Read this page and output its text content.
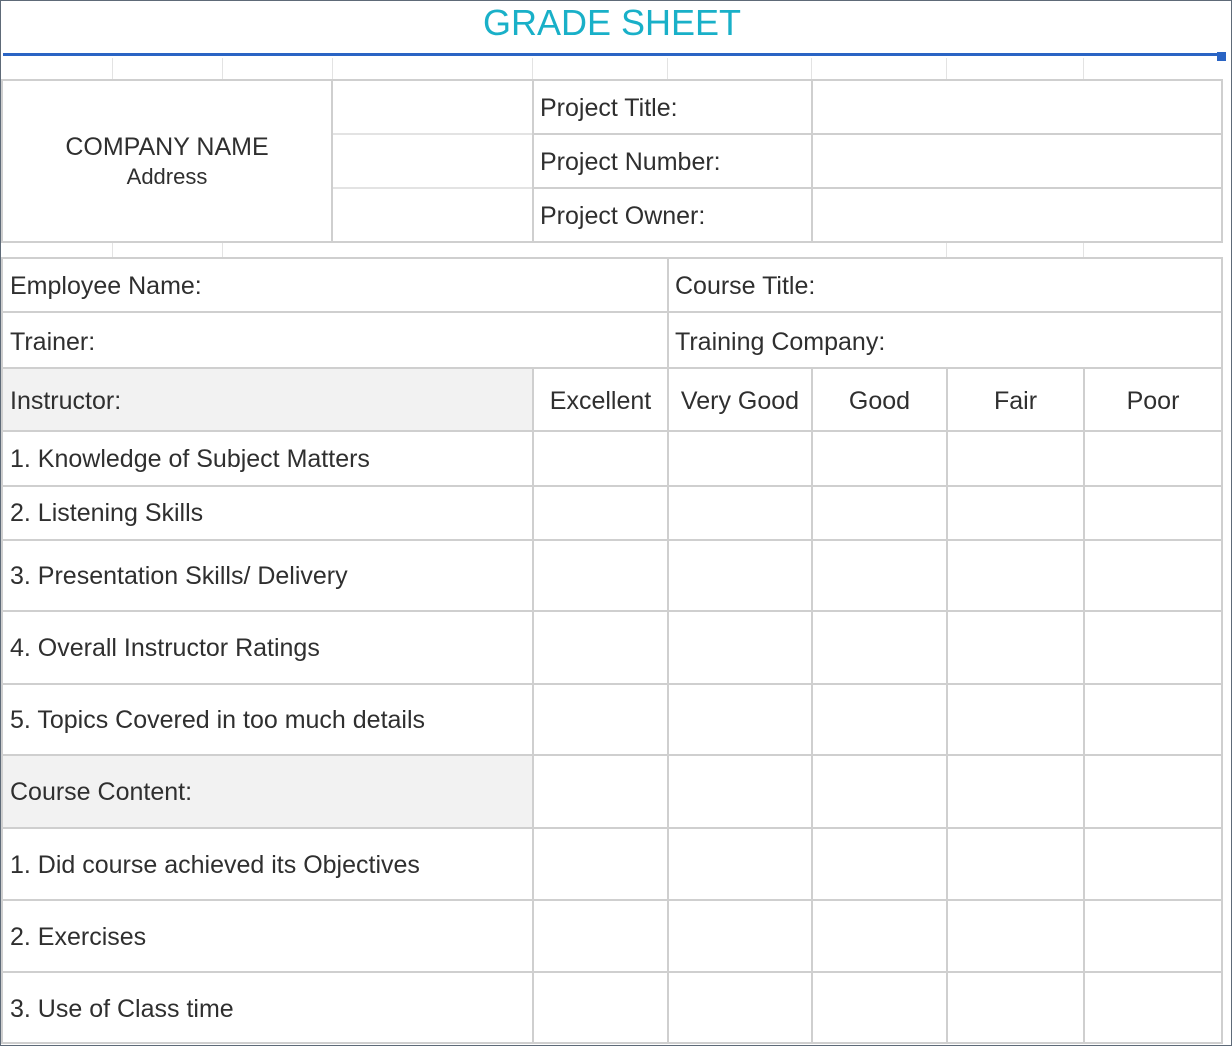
GRADE SHEET
COMPANY NAME
Address
Project Title:
Project Number:
Project Owner:
Employee Name:	Course Title:
Trainer:	Training Company:
Instructor:	Excellent	Very Good	Good	Fair	Poor
1. Knowledge of Subject Matters
2. Listening Skills
3. Presentation Skills/ Delivery
4. Overall Instructor Ratings
5. Topics Covered in too much details
Course Content:
1. Did course achieved its Objectives
2. Exercises
3. Use of Class time
